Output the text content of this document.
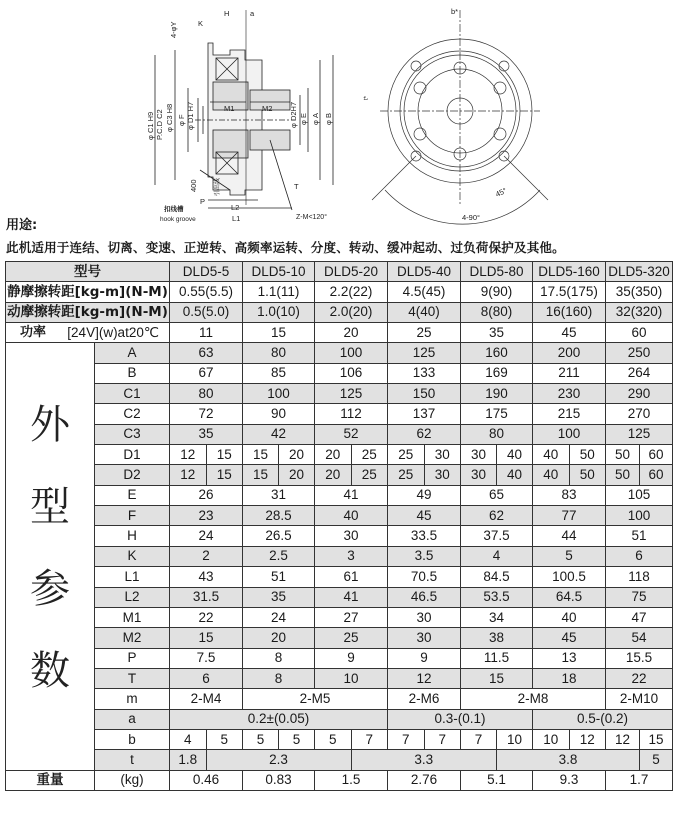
H	a
K
4-φY
φ C1 H9 P.C.D C2 φ C3 H8 φ F φ D1 H7	M1	M2 φ D2H7 φ E φ A φ B
T
P
L2
L1
400	引出线
扣线槽
hook groove	Z-M<120°
b*
t*
45°
4-90°
用途:
此机适用于连结、切离、变速、正逆转、高频率运转、分度、转动、缓冲起动、过负荷保护及其他。
型号		DLD5-5		DLD5-10		DLD5-20		DLD5-40		DLD5-80		DLD5-160		DLD5-320	
静摩擦转距[kg-m](N-M)		0.55(5.5)		1.1(11)		2.2(22)		4.5(45)		9(90)		17.5(175)		35(350)	
动摩擦转距[kg-m](N-M)		0.5(5.0)		1.0(10)		2.0(20)		4(40)		8(80)		16(160)		32(320)	

功率 [24V](w)at20℃		11		15		20		25		35		45		60	

外
型
参
数	A	63		80		100		125		160		200		250	
	B	67		85		106		133		169		211		264	
	C1	80		100		125		150		190		230		290	
	C2	72		90		112		137		175		215		270	
	C3	35		42		52		62		80		100		125	
	D1	12	15	15	20	20	25	25	30	30	40	40	50	50	60
	D2	12	15	15	20	20	25	25	30	30	40	40	50	50	60
	E	26		31		41		49		65		83		105	
	F	23		28.5		40		45		62		77		100	
	H	24		26.5		30		33.5		37.5		44		51	
	K	2		2.5		3		3.5		4		5		6	
	L1	43		51		61		70.5		84.5		100.5		118	
	L2	31.5		35		41		46.5		53.5		64.5		75	
	M1	22		24		27		30		34		40		47	
	M2	15		20		25		30		38		45		54	
	P	7.5		8		9		9		11.5		13		15.5	
	T	6		8		10		12		15		18		22	
	m	2-M4		2-M5				2-M6		2-M8				2-M10	
	a	0.2±(0.05)						0.3-(0.1)				0.5-(0.2)			
	b	4	5	5	5	5	7	7	7	7	10	10	12	12	15
	t	1.8	2.3				3.3				3.8				5
重量	(kg)	0.46		0.83		1.5		2.76		5.1		9.3		1.7	
